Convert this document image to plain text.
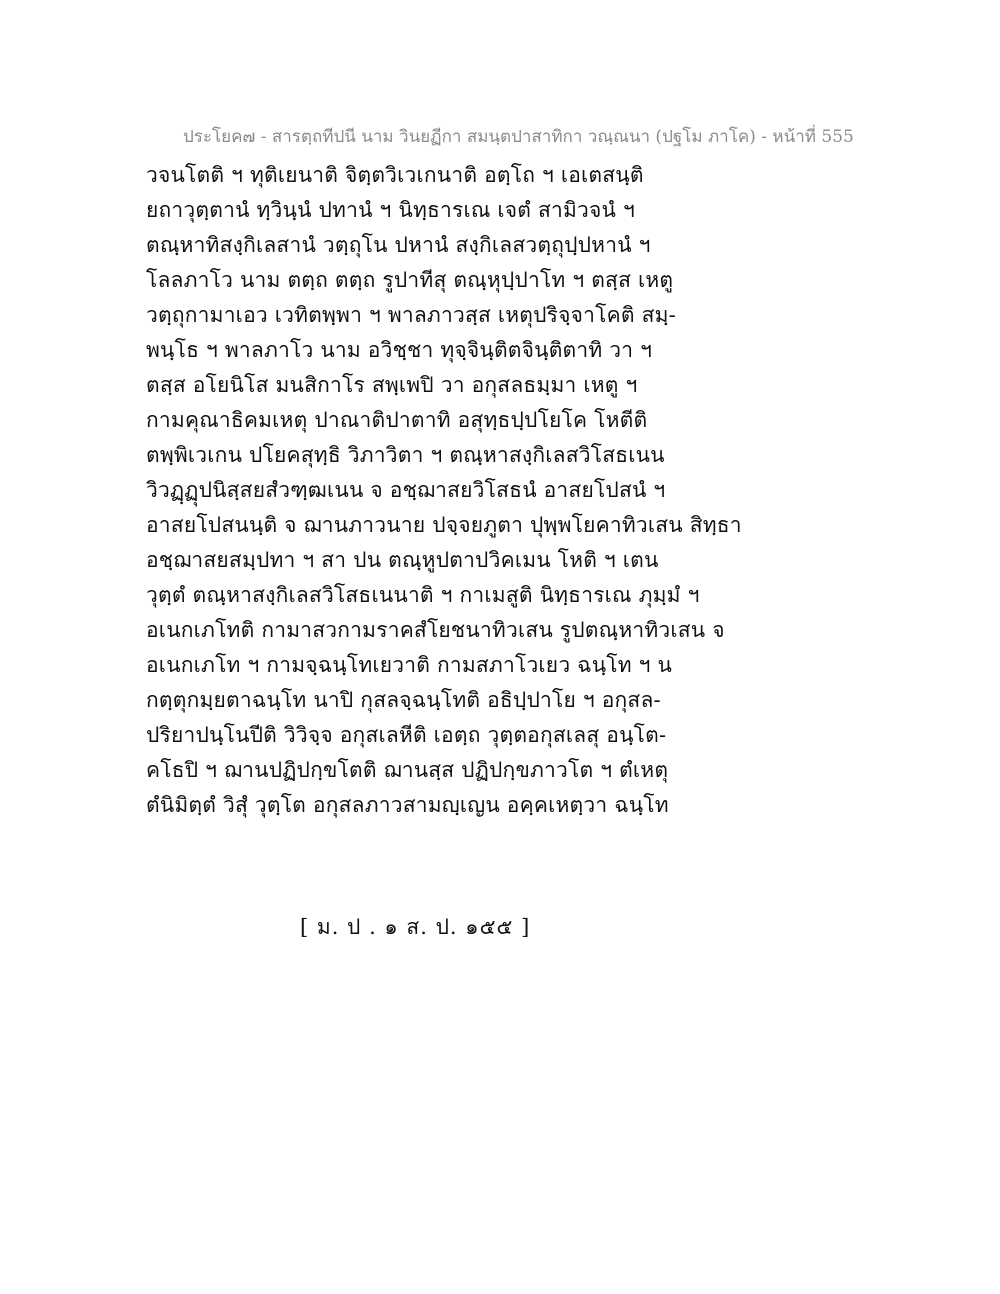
ประโยค๗ - สารตฺถทีปนี นาม วินยฏีกา สมนฺตปาสาทิกา วณฺณนา (ปฐโม ภาโค) - หน้าที่ 555
วจนโตติ ฯ ทุติเยนาติ จิตฺตวิเวเกนาติ อตฺโถ ฯ เอเตสนฺติ
ยถาวุตฺตานํ ทฺวินฺนํ ปทานํ ฯ นิทฺธารเณ เจตํ สามิวจนํ ฯ
ตณฺหาทิสงฺกิเลสานํ วตฺถุโน ปหานํ สงฺกิเลสวตฺถุปฺปหานํ ฯ
โลลภาโว นาม ตตฺถ ตตฺถ รูปาทีสุ ตณฺหุปฺปาโท ฯ ตสฺส เหตู
วตฺถุกามาเอว เวทิตพฺพา ฯ พาลภาวสฺส เหตุปริจฺจาโคติ สมฺ-
พนฺโธ ฯ พาลภาโว นาม อวิชฺชา ทุจฺจินฺติตจินฺติตาทิ วา ฯ
ตสฺส อโยนิโส มนสิกาโร สพฺเพปิ วา อกุสลธมฺมา เหตู ฯ
กามคุณาธิคมเหตุ ปาณาติปาตาทิ อสุทฺธปฺปโยโค โหตีติ
ตพฺพิเวเกน ปโยคสุทฺธิ วิภาวิตา ฯ ตณฺหาสงฺกิเลสวิโสธเนน
วิวฏฺฏุปนิสฺสยสํวฑฺฒเนน จ อชฺฌาสยวิโสธนํ อาสยโปสนํ ฯ
อาสยโปสนนฺติ จ ฌานภาวนาย ปจฺจยภูตา ปุพฺพโยคาทิวเสน สิทฺธา
อชฺฌาสยสมฺปทา ฯ สา ปน ตณฺหูปตาปวิคเมน โหติ ฯ เตน
วุตฺตํ ตณฺหาสงฺกิเลสวิโสธเนนาติ ฯ กาเมสูติ นิทฺธารเณ ภุมฺมํ ฯ
อเนกเภโทติ กามาสวกามราคสํโยชนาทิวเสน รูปตณฺหาทิวเสน จ
อเนกเภโท ฯ กามจฺฉนฺโทเยวาติ กามสภาโวเยว ฉนฺโท ฯ น
กตฺตุกมฺยตาฉนฺโท นาปิ กุสลจฺฉนฺโทติ อธิปฺปาโย ฯ อกุสล-
ปริยาปนฺโนปีติ วิวิจฺจ อกุสเลหีติ เอตฺถ วุตฺตอกุสเลสุ อนฺโต-
คโธปิ ฯ ฌานปฏิปกฺขโตติ ฌานสฺส ปฏิปกฺขภาวโต ฯ ตํเหตุ
ตํนิมิตฺตํ วิสุํ วุตฺโต อกุสลภาวสามญฺเญน อคฺคเหตฺวา ฉนฺโท
[ ม. ป . ๑ ส. ป. ๑๕๕ ]
